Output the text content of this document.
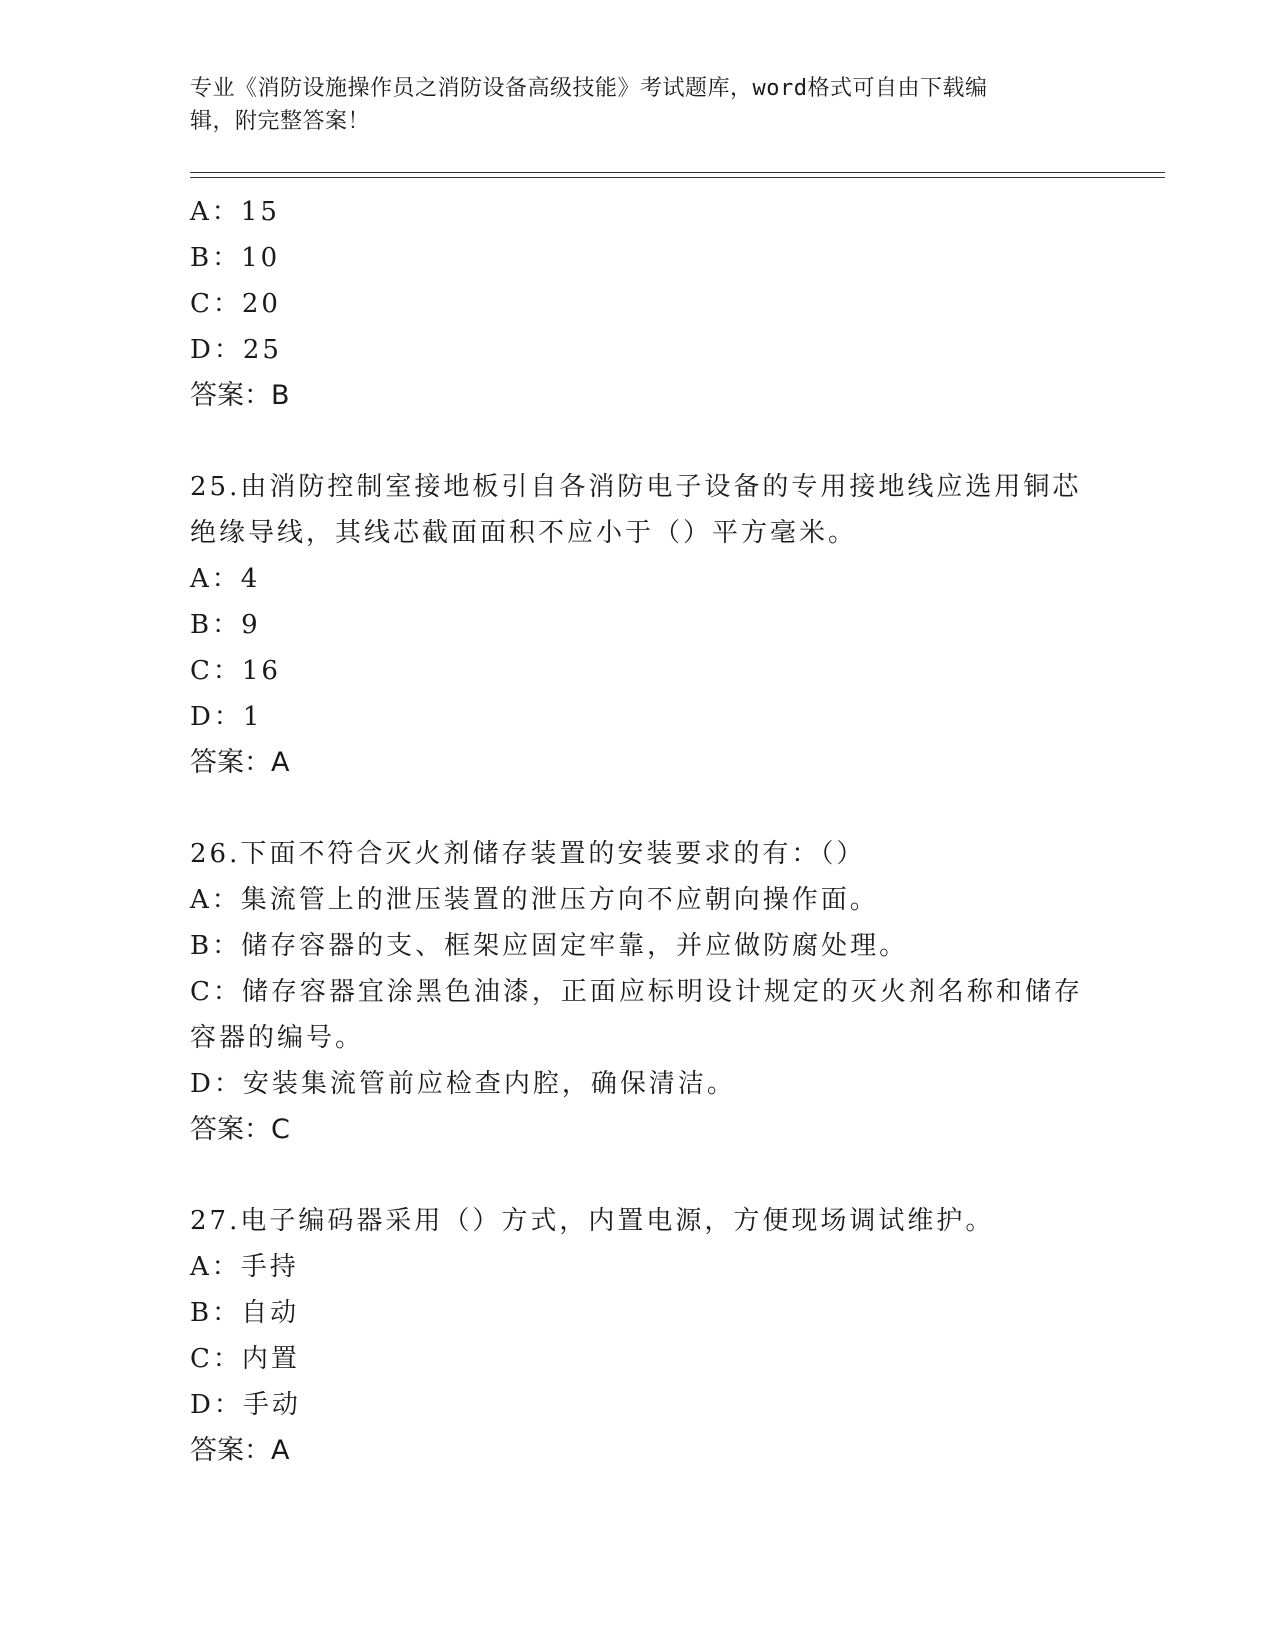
专业《消防设施操作员之消防设备高级技能》考试题库，word格式可自由下载编
辑，附完整答案！
A：15
B：10
C：20
D：25
答案：B
25.由消防控制室接地板引自各消防电子设备的专用接地线应选用铜芯
绝缘导线，其线芯截面面积不应小于（）平方毫米。
A：4
B：9
C：16
D：1
答案：A
26.下面不符合灭火剂储存装置的安装要求的有：（）
A：集流管上的泄压装置的泄压方向不应朝向操作面。
B：储存容器的支、框架应固定牢靠，并应做防腐处理。
C：储存容器宜涂黑色油漆，正面应标明设计规定的灭火剂名称和储存
容器的编号。
D：安装集流管前应检查内腔，确保清洁。
答案：C
27.电子编码器采用（）方式，内置电源，方便现场调试维护。
A：手持
B：自动
C：内置
D：手动
答案：A
